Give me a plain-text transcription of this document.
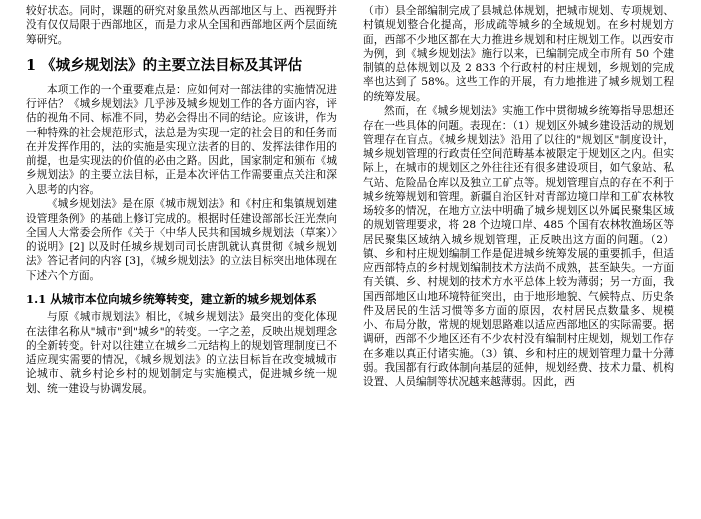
较好状态。同时，课题的研究对象虽然从西部地区与上、西视野并没有仅仅局限于西部地区，而是力求从全国和西部地区两个层面统筹研究。

1 《城乡规划法》的主要立法目标及其评估

本项工作的一个重要难点是：应如何对一部法律的实施情况进行评估？《城乡规划法》几乎涉及城乡规划工作的各方面内容，评估的视角不同、标准不同，势必会得出不同的结论。应该讲，作为一种特殊的社会规范形式，法总是为实现一定的社会目的和任务而在并发挥作用的，法的实施是实现立法者的目的、发挥法律作用的前提，也是实现法的价值的必由之路。因此，国家制定和颁布《城乡规划法》的主要立法目标，正是本次评估工作需要重点关注和深入思考的内容。

《城乡规划法》是在原《城市规划法》和《村庄和集镇规划建设管理条例》的基础上修订完成的。根据时任建设部部长汪光焘向全国人大常委会所作《关于〈中华人民共和国城乡规划法（草案）〉的说明》[2] 以及时任城乡规划司司长唐凯就认真贯彻《城乡规划法》答记者问的内容 [3]，《城乡规划法》的立法目标突出地体现在下述六个方面。

1.1 从城市本位向城乡统筹转变，建立新的城乡规划体系

与原《城市规划法》相比，《城乡规划法》最突出的变化体现在法律名称从"城市"到"城乡"的转变。一字之差，反映出规划理念的全新转变。针对以往建立在城乡二元结构上的规划管理制度已不适应现实需要的情况，《城乡规划法》的立法目标旨在改变城城市论城市、就乡村论乡村的规划制定与实施模式，促进城乡统一规划、统一建设与协调发展。

（市）县全部编制完成了县城总体规划，把城市规划、专项规划、村镇规划整合化提高，形成疏等城乡的全域规划。在乡村规划方面，西部不少地区都在大力推进乡规划和村庄规划工作。以西安市为例，到《城乡规划法》施行以来，已编制完成全市所有 50 个建制镇的总体规划以及 2 833 个行政村的村庄规划，乡规划的完成率也达到了 58%。这些工作的开展，有力地推进了城乡规划工程的统筹发展。

然而，在《城乡规划法》实施工作中贯彻城乡统筹指导思想还存在一些具体的问题。表现在：（1）规划区外城乡建设活动的规划管理存在盲点。《城乡规划法》沿用了以往的"规划区"制度设计，城乡规划管理的行政责任空间范畴基本被限定于规划区之内。但实际上，在城市的规划区之外往往还有很多建设项目，如气象站、私气站、危险品仓库以及独立工矿点等。规划管理盲点的存在不利于城乡统筹规划和管理。新疆自治区针对青部边境口岸和工矿农林牧场较多的情况，在地方立法中明确了城乡规划区以外属民聚集区域的规划管理要求，将 28 个边境口岸、485 个国有农林牧渔场区等居民聚集区域纳入城乡规划管理，正反映出这方面的问题。（2）镇、乡和村庄规划编制工作是促进城乡统筹发展的重要抓手，但适应西部特点的乡村规划编制技术方法尚不成熟，甚至缺失。一方面 有关镇、乡、村规划的技术方水平总体上较为薄弱；另一方面，我国西部地区山地环境特征突出，由于地形地貌、气候特点、历史条件及居民的生活习惯等多方面的原因，农村居民点数量多、规模小、布局分散，常规的规划思路难以适应西部地区的实际需要。据调研，西部不少地区还有不少农村没有编制村庄规划，规划工作存在多难以真正付诸实施。（3）镇、乡和村庄的规划管理力量十分薄弱。我国都有行政体制向基层的延伸，规划经费、技术力量、机构设置、人员编制等状况越来越薄弱。因此，西
